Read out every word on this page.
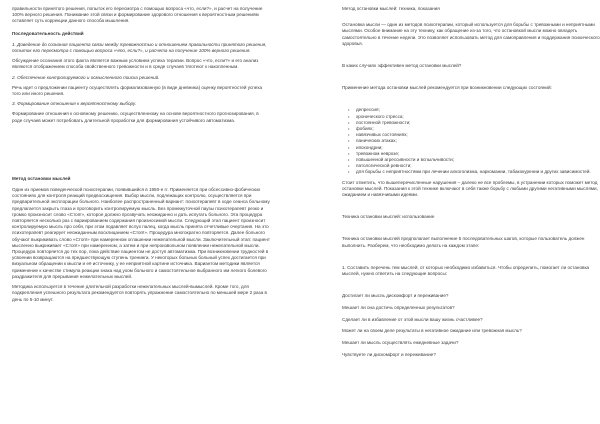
правильности принятого решения, попыток его пересмотра с помощью вопроса «что, если?», и расчет на получение 100% верного решения. Понимание этой связи и формирование здорового отношения к вероятностным решениям оставляет суть коррекции данного способа мышления.

Последовательность действий

1. Доведение до сознания пациента связи между тревожностью и отношением правильности принятого решения, попыток его пересмотра с помощью вопроса «что, если?», и расчета на получение 100% верного решения.

Обсуждение осознания этого факта является важным условием успеха терапии. Вопрос «что, если?» и его анализ являются отображением способа свойственного тревожности и в среде случаев тяготеют к накопленным.

2. Обеспечение контролируемого и осмысленного поиска решений.

Речь идет о предложении пациенту осуществлять формализованную (в виде дневника) оценку вероятностей успеха того или иного решения.

3. Формирование отношения к вероятностному выбору.

Формирование отношения к основному решению, осуществленному на основе вероятностного прогнозирования, в роде случаев может потребовать длительной проработки для формирования устойчивого автоматизма.

Метод остановки мыслей

Один из приемов поведенческой психотерапии, появившийся в 1950-е гг. Применяется при обсессивно-фобических состояниях для контроля реакций предвосхищения. Выбор мысли, подлежащих контролю, осуществляется при предварительной эксплорации больного. Наиболее распространенный вариант: психотерапевт в ходе сеанса больному предлагается закрыть глаза и проговорить контролируемую мысль. Без промежуточной паузы психотерапевт резко и громко произносит слово «Стоп!», которое должно прозвучать неожиданно и дать испугать больного. Эта процедура повторяется несколько раз с вариированием содержания произносимой мысли. Следующий этап пациент произносит контролируемую мысль про себя, при этом подавляет вслух палец, когда мысль принята отчетливые очертания. На это психотерапевт реагирует неожиданным восклицанием «Стоп!». Процедура многократно повторяется. Далее больного обучают выкрикивать слово «Стоп!» при намеренном оглашении нежелательной мысли. Заключительный этап: пациент мысленно выкрикивает «Стоп!» при намеренном, а затем и при непроизвольном появлении нежелательной мысли. Процедура повторяется до тех пор, пока действие пациентом не доступ автоматизма. При возникновении трудностей в усвоении возвращаются на предшествующую ступень тренинга. У некоторых больных больный успех достигается при визуальном обращении к мысли и её источнику, у ее неприятной картине источника. Вариантом методики является применение к качестве стимула реакции знака над ухом больного и самостоятельное выбранного им легкого болевого раздражителя для прерывания нежелательных мыслей.

Методика используется в течение длительной разработки нежелательных мыслей-вымыслей. Кроме того, для подкрепления успешного результата рекомендуется повторять упражнение самостоятельно по меньшей мере 2 раза в день по 5-10 минут.

Метод остановки мыслей: техника, показания

Остановка мысли — один из методов психотерапии, который используется для борьбы с тревожными и неприятными мыслями. Особое внимание на эту технику, как обращение из-за того, что остановкой мысли можно овладеть самостоятельно в течение недели. Это позволяет использовать метод для самоправления и поддержания психического здоровья.

В каких случаях эффективен метод остановки мыслей?

Применение метода остановки мыслей рекомендуется при возникновении следующих состояний:

• депрессия;
• хронического стресса;
• постоянной тревожности;
• фобиях;
• навязчивых состояниях;
• панических атаках;
• ипохондрии;
• тревожном неврозе;
• повышенной агрессивности и вспыльчивости;
• патологической ревности;
• для борьбы с неприятностями при лечении алкоголизма, наркомании, табакокурении и других зависимостей.

Стоит отметить, что вышеперечисленные нарушения – далеко не все проблемы, в устранении которых поможет метод остановки мыслей. Показания к этой технике включают в себя также борьбу с любыми другими негативными мыслями, ожиданием и навязчивыми идеями.

Техника остановки мыслей: использование

Техника остановки мыслей предполагает выполнение 5 последовательных шагов, которые пользователь должен выполнить. Разберем, что необходимо делать на каждом этапе:

1. Составить перечень тем мыслей, от которых необходимо избавиться. Чтобы определить, помогает ли остановка мыслей, нужно ответить на следующие вопросы:

Достигает ли мысль дискомфорт и переживание?

Мешает ли она достичь определенных результатов?

Сделает ли в избавление от этой мысли вашу жизнь счастливее?

Может ли на своем деле результаты в негативное ожидание или тревожная мысль?

Мешает ли мысль осуществлять ежедневные задачи?

Чувствуете ли дискомфорт и переживание?
